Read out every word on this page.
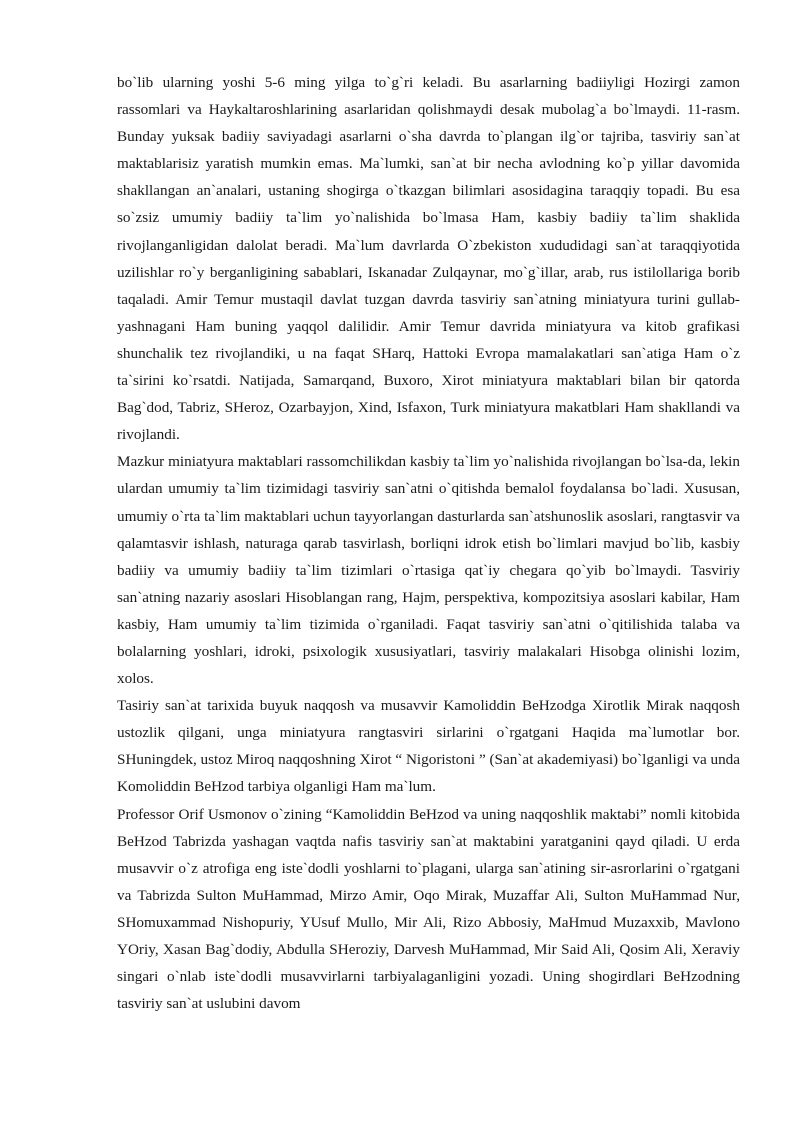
bo`lib ularning yoshi 5-6 ming yilga to`g`ri keladi. Bu asarlarning badiiyligi Hozirgi zamon rassomlari va Haykaltaroshlarining asarlaridan qolishmaydi desak mubolag`a bo`lmaydi. 11-rasm. Bunday yuksak badiiy saviyadagi asarlarni o`sha davrda to`plangan ilg`or tajriba, tasviriy san`at maktablarisiz yaratish mumkin emas. Ma`lumki, san`at bir necha avlodning ko`p yillar davomida shakllangan an`analari, ustaning shogirga o`tkazgan bilimlari asosidagina taraqqiy topadi. Bu esa so`zsiz umumiy badiiy ta`lim yo`nalishida bo`lmasa Ham, kasbiy badiiy ta`lim shaklida rivojlanganligidan dalolat beradi. Ma`lum davrlarda O`zbekiston xududidagi san`at taraqqiyotida uzilishlar ro`y berganligining sabablari, Iskanadar Zulqaynar, mo`g`illar, arab, rus istilollariga borib taqaladi. Amir Temur mustaqil davlat tuzgan davrda tasviriy san`atning miniatyura turini gullab- yashnagani Ham buning yaqqol dalilidir. Amir Temur davrida miniatyura va kitob grafikasi shunchalik tez rivojlandiki, u na faqat SHarq, Hattoki Evropa mamalakatlari san`atiga Ham o`z ta`sirini ko`rsatdi. Natijada, Samarqand, Buxoro, Xirot miniatyura maktablari bilan bir qatorda Bag`dod, Tabriz, SHeroz, Ozarbayjon, Xind, Isfaxon, Turk miniatyura makatblari Ham shakllandi va rivojlandi.

Mazkur miniatyura maktablari rassomchilikdan kasbiy ta`lim yo`nalishida rivojlangan bo`lsa-da, lekin ulardan umumiy ta`lim tizimidagi tasviriy san`atni o`qitishda bemalol foydalansa bo`ladi. Xususan, umumiy o`rta ta`lim maktablari uchun tayyorlangan dasturlarda san`atshunoslik asoslari, rangtasvir va qalamtasvir ishlash, naturaga qarab tasvirlash, borliqni idrok etish bo`limlari mavjud bo`lib, kasbiy badiiy va umumiy badiiy ta`lim tizimlari o`rtasiga qat`iy chegara qo`yib bo`lmaydi. Tasviriy san`atning nazariy asoslari Hisoblangan rang, Hajm, perspektiva, kompozitsiya asoslari kabilar, Ham kasbiy, Ham umumiy ta`lim tizimida o`rganiladi. Faqat tasviriy san`atni o`qitilishida talaba va bolalarning yoshlari, idroki, psixologik xususiyatlari, tasviriy malakalari Hisobga olinishi lozim, xolos.

Tasiriy san`at tarixida buyuk naqqosh va musavvir Kamoliddin BeHzodga Xirotlik Mirak naqqosh ustozlik qilgani, unga miniatyura rangtasviri sirlarini o`rgatgani Haqida ma`lumotlar bor. SHuningdek, ustoz Miroq naqqoshning Xirot “ Nigoristoni ” (San`at akademiyasi) bo`lganligi va unda Komoliddin BeHzod tarbiya olganligi Ham ma`lum.

Professor Orif Usmonov o`zining “Kamoliddin BeHzod va uning naqqoshlik maktabi” nomli kitobida BeHzod Tabrizda yashagan vaqtda nafis tasviriy san`at maktabini yaratganini qayd qiladi. U erda musavvir o`z atrofiga eng iste`dodli yoshlarni to`plagani, ularga san`atining sir-asrorlarini o`rgatgani va Tabrizda Sulton MuHammad, Mirzo Amir, Oqo Mirak, Muzaffar Ali, Sulton MuHammad Nur, SHomuxammad Nishopuriy, YUsuf Mullo, Mir Ali, Rizo Abbosiy, MaHmud Muzaxxib, Mavlono YOriy, Xasan Bag`dodiy, Abdulla SHeroziy, Darvesh MuHammad, Mir Said Ali, Qosim Ali, Xeraviy singari o`nlab iste`dodli musavvirlarni tarbiyalaganligini yozadi. Uning shogirdlari BeHzodning tasviriy san`at uslubini davom
